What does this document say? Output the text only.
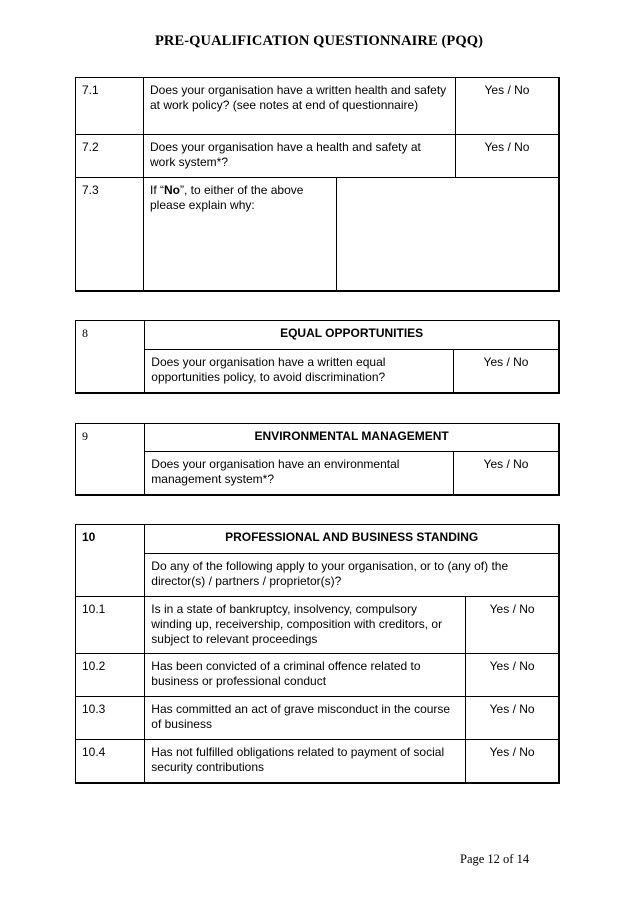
PRE-QUALIFICATION QUESTIONNAIRE (PQQ)
7.1	Does your organisation have a written health and safety at work policy? (see notes at end of questionnaire)		Yes / No
7.2	Does your organisation have a health and safety at work system*?		Yes / No
7.3	If “No”, to either of the above please explain why:		
8	EQUAL OPPORTUNITIES	
	Does your organisation have a written equal opportunities policy, to avoid discrimination?	Yes / No
9	ENVIRONMENTAL MANAGEMENT	
	Does your organisation have an environmental management system*?	Yes / No
10	PROFESSIONAL AND BUSINESS STANDING	
	Do any of the following apply to your organisation, or to (any of) the director(s) / partners / proprietor(s)?	
10.1	Is in a state of bankruptcy, insolvency, compulsory winding up, receivership, composition with creditors, or subject to relevant proceedings	Yes / No
10.2	Has been convicted of a criminal offence related to business or professional conduct	Yes / No
10.3	Has committed an act of grave misconduct in the course of business	Yes / No
10.4	Has not fulfilled obligations related to payment of social security contributions	Yes / No
Page 12 of 14
